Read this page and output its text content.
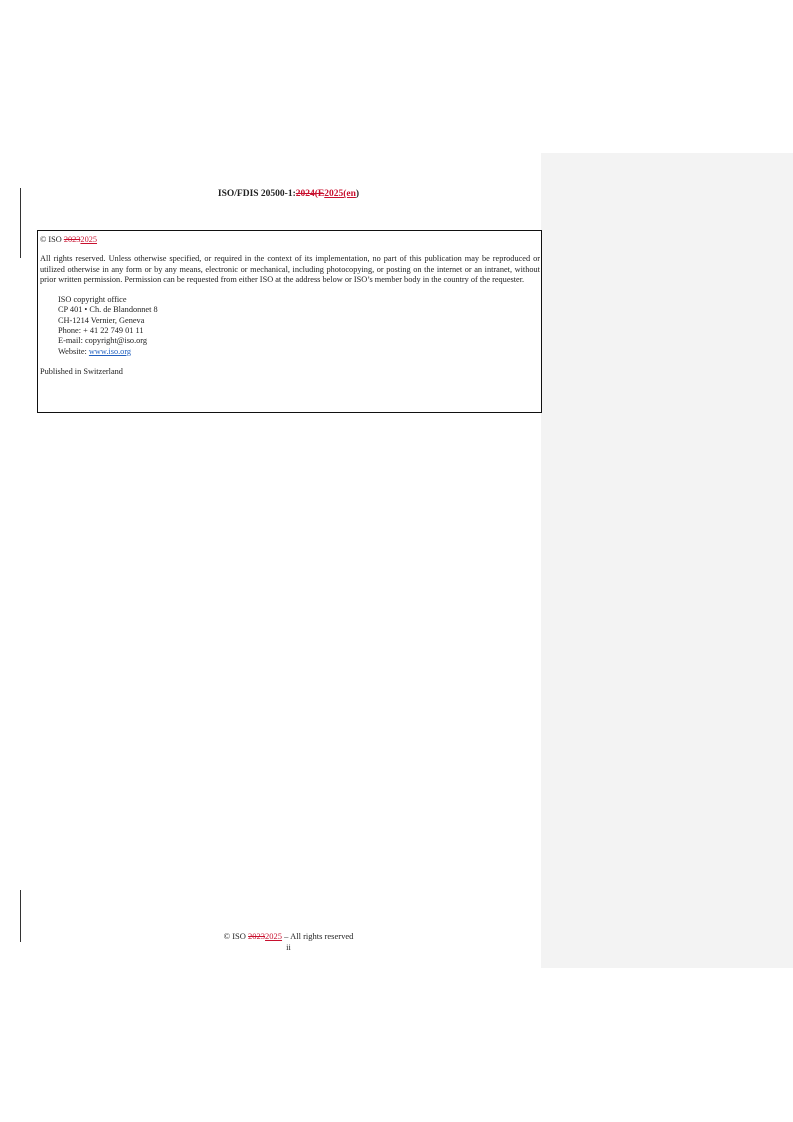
ISO/FDIS 20500-1:2024(E2025(en)

© ISO 20232025

All rights reserved. Unless otherwise specified, or required in the context of its implementation, no part of this publication may be reproduced or utilized otherwise in any form or by any means, electronic or mechanical, including photocopying, or posting on the internet or an intranet, without prior written permission. Permission can be requested from either ISO at the address below or ISO’s member body in the country of the requester.

ISO copyright office

CP 401 • Ch. de Blandonnet 8

CH-1214 Vernier, Geneva

Phone: + 41 22 749 01 11

E-mail: copyright@iso.org

Website: www.iso.org

Published in Switzerland

© ISO 20232025 – All rights reserved
ii
